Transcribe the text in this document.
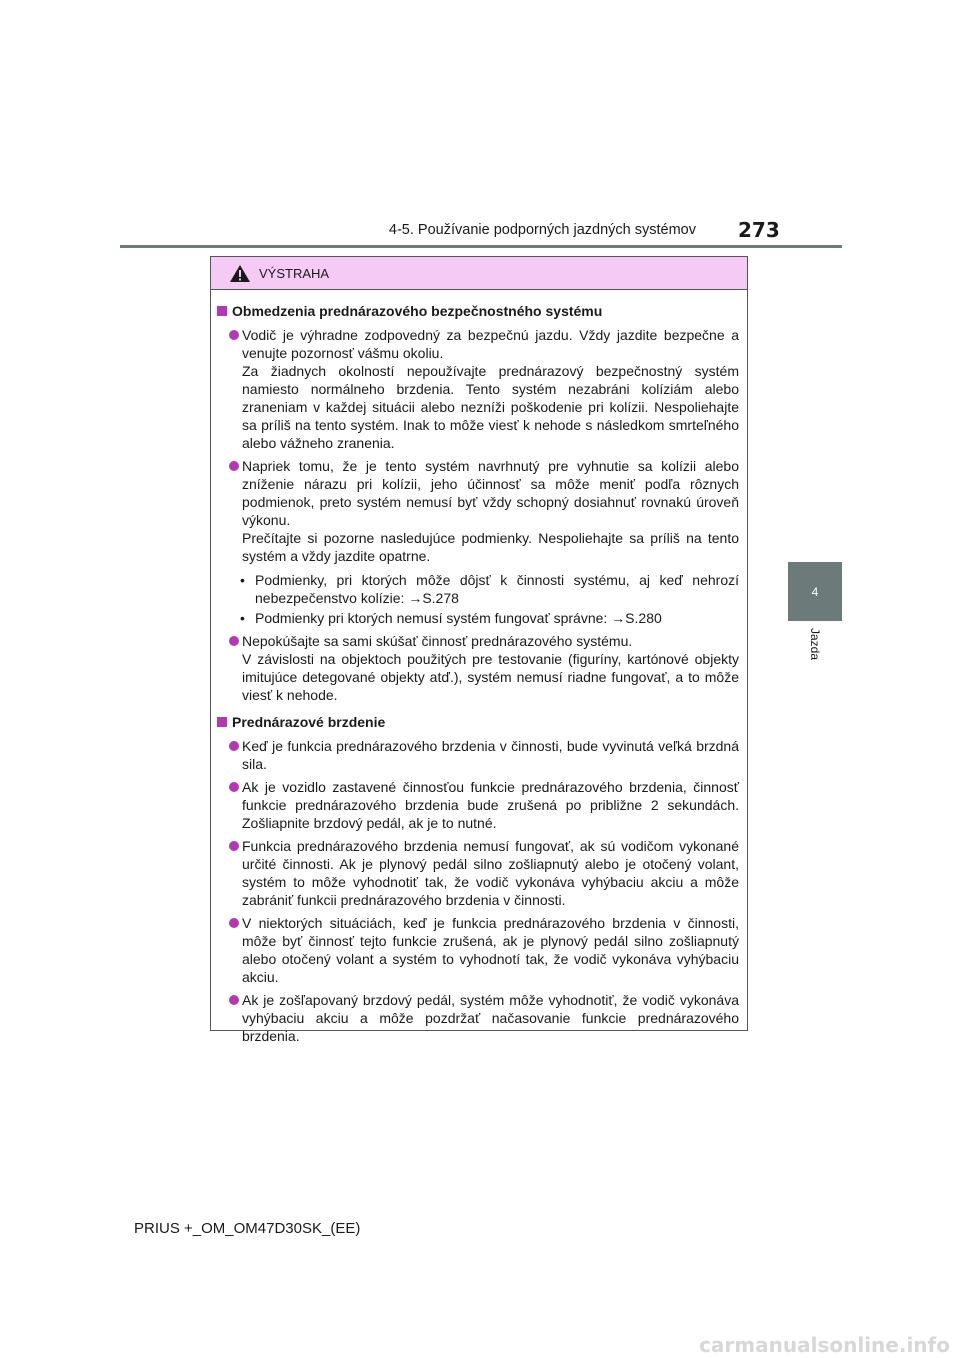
4-5. Používanie podporných jazdných systémov 273
4
Jazda
VÝSTRAHA
Obmedzenia prednárazového bezpečnostného systému

Vodič je výhradne zodpovedný za bezpečnú jazdu. Vždy jazdite bezpečne a venujte pozornosť vášmu okoliu.

Za žiadnych okolností nepoužívajte prednárazový bezpečnostný systém namiesto normálneho brzdenia. Tento systém nezabráni kolíziám alebo zraneniam v každej situácii alebo nezníži poškodenie pri kolízii. Nespoliehajte sa príliš na tento systém. Inak to môže viesť k nehode s následkom smrteľného alebo vážneho zranenia.

Napriek tomu, že je tento systém navrhnutý pre vyhnutie sa kolízii alebo zníženie nárazu pri kolízii, jeho účinnosť sa môže meniť podľa rôznych podmienok, preto systém nemusí byť vždy schopný dosiahnuť rovnakú úroveň výkonu.

Prečítajte si pozorne nasledujúce podmienky. Nespoliehajte sa príliš na tento systém a vždy jazdite opatrne.

• Podmienky, pri ktorých môže dôjsť k činnosti systému, aj keď nehrozí nebezpečenstvo kolízie: →S.278
• Podmienky pri ktorých nemusí systém fungovať správne: →S.280

Nepokúšajte sa sami skúšať činnosť prednárazového systému.

V závislosti na objektoch použitých pre testovanie (figuríny, kartónové objekty imitujúce detegované objekty atď.), systém nemusí riadne fungovať, a to môže viesť k nehode.

Prednárazové brzdenie

Keď je funkcia prednárazového brzdenia v činnosti, bude vyvinutá veľká brzdná sila.

Ak je vozidlo zastavené činnosťou funkcie prednárazového brzdenia, činnosť funkcie prednárazového brzdenia bude zrušená po približne 2 sekundách. Zošliapnite brzdový pedál, ak je to nutné.

Funkcia prednárazového brzdenia nemusí fungovať, ak sú vodičom vykonané určité činnosti. Ak je plynový pedál silno zošliapnutý alebo je otočený volant, systém to môže vyhodnotiť tak, že vodič vykonáva vyhýbaciu akciu a môže zabrániť funkcii prednárazového brzdenia v činnosti.

V niektorých situáciách, keď je funkcia prednárazového brzdenia v činnosti, môže byť činnosť tejto funkcie zrušená, ak je plynový pedál silno zošliapnutý alebo otočený volant a systém to vyhodnotí tak, že vodič vykonáva vyhýbaciu akciu.

Ak je zošľapovaný brzdový pedál, systém môže vyhodnotiť, že vodič vykonáva vyhýbaciu akciu a môže pozdržať načasovanie funkcie prednárazového brzdenia.

PRIUS +_OM_OM47D30SK_(EE)
carmanualsonline.info
